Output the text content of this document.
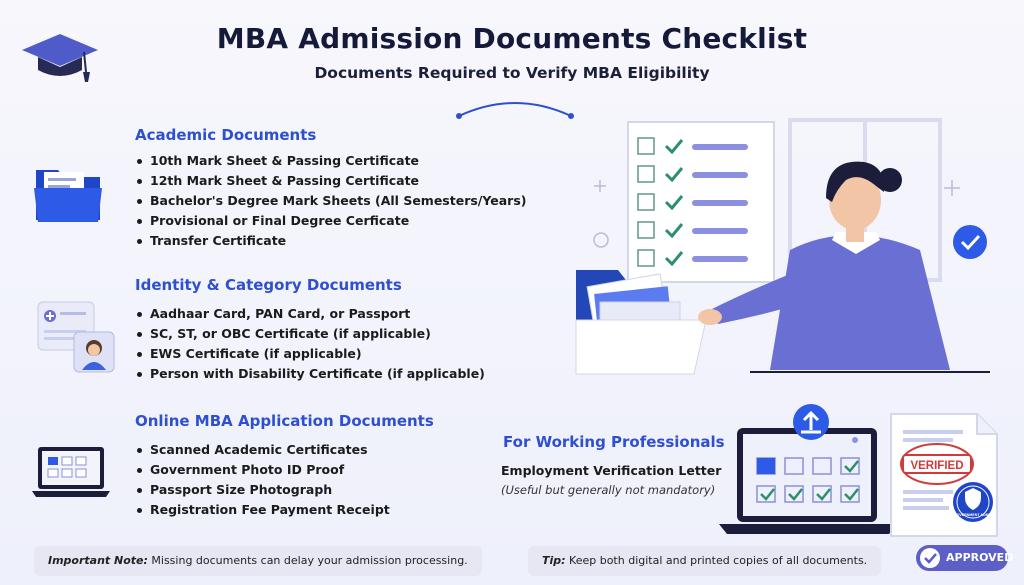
MBA Admission Documents Checklist
Documents Required to Verify MBA Eligibility
Academic Documents
10th Mark Sheet & Passing Certificate
12th Mark Sheet & Passing Certificate
Bachelor's Degree Mark Sheets (All Semesters/Years)
Provisional or Final Degree Cerficate
Transfer Certificate
Identity & Category Documents
Aadhaar Card, PAN Card, or Passport
SC, ST, or OBC Certificate (if applicable)
EWS Certificate (if applicable)
Person with Disability Certificate (if applicable)
Online MBA Application Documents
Scanned Academic Certificates
Government Photo ID Proof
Passport Size Photograph
Registration Fee Payment Receipt
For Working Professionals
Employment Verification Letter
(Useful but generally not mandatory)
VERIFIED
GOVERNMENT ADMIN
Important Note: Missing documents can delay your admission processing.	Tip: Keep both digital and printed copies of all documents.	APPROVED
